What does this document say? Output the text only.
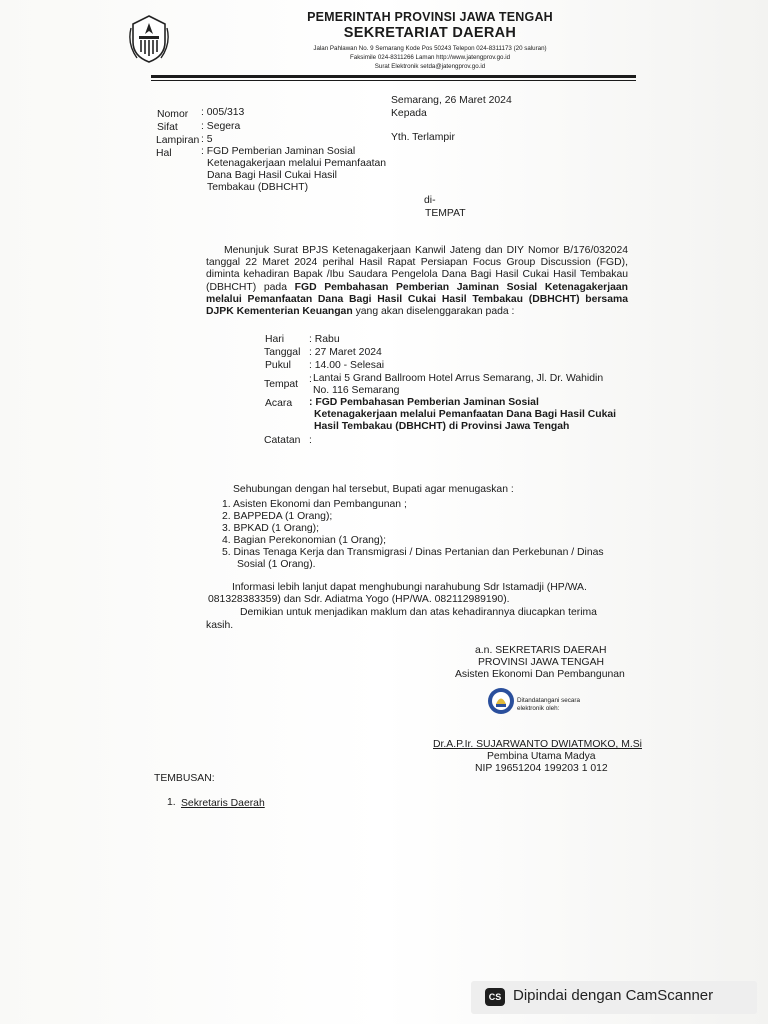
PEMERINTAH PROVINSI JAWA TENGAH
SEKRETARIAT DAERAH
Jalan Pahlawan No. 9 Semarang Kode Pos 50243 Telepon 024-8311173 (20 saluran)
Faksimile 024-8311266 Laman http://www.jatengprov.go.id
Surat Elektronik setda@jatengprov.go.id
Semarang, 26 Maret 2024
Kepada
Yth. Terlampir
di-
TEMPAT
Nomor : 005/313
Sifat : Segera
Lampiran : 5
Hal	: FGD Pemberian Jaminan Sosial
Ketenagakerjaan melalui Pemanfaatan
Dana Bagi Hasil Cukai Hasil
Tembakau (DBHCHT)
Menunjuk Surat BPJS Ketenagakerjaan Kanwil Jateng dan DIY Nomor B/176/032024 tanggal 22 Maret 2024 perihal Hasil Rapat Persiapan Focus Group Discussion (FGD), diminta kehadiran Bapak /Ibu Saudara Pengelola Dana Bagi Hasil Cukai Hasil Tembakau (DBHCHT) pada FGD Pembahasan Pemberian Jaminan Sosial Ketenagakerjaan melalui Pemanfaatan Dana Bagi Hasil Cukai Hasil Tembakau (DBHCHT) bersama DJPK Kementerian Keuangan yang akan diselenggarakan pada :
Hari : Rabu
Tanggal : 27 Maret 2024
Pukul : 14.00 - Selesai
Tempat : Lantai 5 Grand Ballroom Hotel Arrus Semarang, Jl. Dr. Wahidin
No. 116 Semarang
Acara : FGD Pembahasan Pemberian Jaminan Sosial
Ketenagakerjaan melalui Pemanfaatan Dana Bagi Hasil Cukai
Hasil Tembakau (DBHCHT) di Provinsi Jawa Tengah
Catatan :
Sehubungan dengan hal tersebut, Bupati agar menugaskan :
1. Asisten Ekonomi dan Pembangunan ;
2. BAPPEDA (1 Orang);
3. BPKAD (1 Orang);
4. Bagian Perekonomian (1 Orang);
5. Dinas Tenaga Kerja dan Transmigrasi / Dinas Pertanian dan Perkebunan / Dinas
Sosial (1 Orang).
Informasi lebih lanjut dapat menghubungi narahubung Sdr Istamadji (HP/WA.
081328383359) dan Sdr. Adiatma Yogo (HP/WA. 082112989190).
Demikian untuk menjadikan maklum dan atas kehadirannya diucapkan terima
kasih.
a.n. SEKRETARIS DAERAH
PROVINSI JAWA TENGAH
Asisten Ekonomi Dan Pembangunan
Ditandatangani secara
elektronik oleh:
Dr.A.P.Ir. SUJARWANTO DWIATMOKO, M.Si
Pembina Utama Madya
NIP 19651204 199203 1 012
TEMBUSAN:
1. Sekretaris Daerah
CS Dipindai dengan CamScanner
